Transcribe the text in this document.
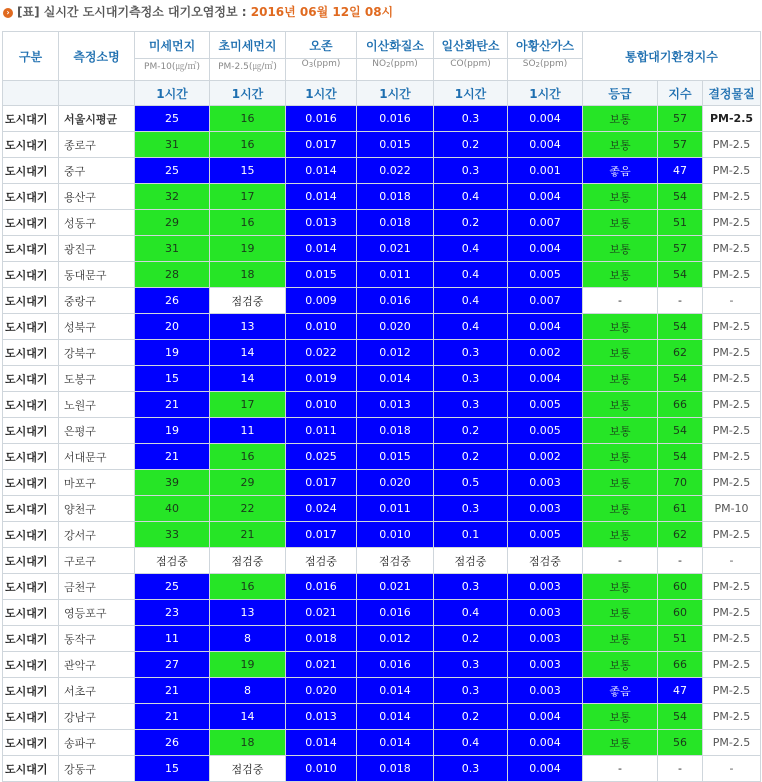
› [표] 실시간 도시대기측정소 대기오염정보 : 2016년 06월 12일 08시
구분	측정소명	미세먼지	초미세먼지	오존	이산화질소	일산화탄소	아황산가스	통합대기환경지수		
		PM-10(㎍/㎥)	PM-2.5(㎍/㎥)	O3(ppm)	NO2(ppm)	CO(ppm)	SO2(ppm)			
		1시간	1시간	1시간	1시간	1시간	1시간	등급	지수	결정물질
도시대기	서울시평균	25	16	0.016	0.016	0.3	0.004	보통	57	PM-2.5
도시대기	종로구	31	16	0.017	0.015	0.2	0.004	보통	57	PM-2.5
도시대기	중구	25	15	0.014	0.022	0.3	0.001	좋음	47	PM-2.5
도시대기	용산구	32	17	0.014	0.018	0.4	0.004	보통	54	PM-2.5
도시대기	성동구	29	16	0.013	0.018	0.2	0.007	보통	51	PM-2.5
도시대기	광진구	31	19	0.014	0.021	0.4	0.004	보통	57	PM-2.5
도시대기	동대문구	28	18	0.015	0.011	0.4	0.005	보통	54	PM-2.5
도시대기	중랑구	26	점검중	0.009	0.016	0.4	0.007	-	-	-
도시대기	성북구	20	13	0.010	0.020	0.4	0.004	보통	54	PM-2.5
도시대기	강북구	19	14	0.022	0.012	0.3	0.002	보통	62	PM-2.5
도시대기	도봉구	15	14	0.019	0.014	0.3	0.004	보통	54	PM-2.5
도시대기	노원구	21	17	0.010	0.013	0.3	0.005	보통	66	PM-2.5
도시대기	은평구	19	11	0.011	0.018	0.2	0.005	보통	54	PM-2.5
도시대기	서대문구	21	16	0.025	0.015	0.2	0.002	보통	54	PM-2.5
도시대기	마포구	39	29	0.017	0.020	0.5	0.003	보통	70	PM-2.5
도시대기	양천구	40	22	0.024	0.011	0.3	0.003	보통	61	PM-10
도시대기	강서구	33	21	0.017	0.010	0.1	0.005	보통	62	PM-2.5
도시대기	구로구	점검중	점검중	점검중	점검중	점검중	점검중	-	-	-
도시대기	금천구	25	16	0.016	0.021	0.3	0.003	보통	60	PM-2.5
도시대기	영등포구	23	13	0.021	0.016	0.4	0.003	보통	60	PM-2.5
도시대기	동작구	11	8	0.018	0.012	0.2	0.003	보통	51	PM-2.5
도시대기	관악구	27	19	0.021	0.016	0.3	0.003	보통	66	PM-2.5
도시대기	서초구	21	8	0.020	0.014	0.3	0.003	좋음	47	PM-2.5
도시대기	강남구	21	14	0.013	0.014	0.2	0.004	보통	54	PM-2.5
도시대기	송파구	26	18	0.014	0.014	0.4	0.004	보통	56	PM-2.5
도시대기	강동구	15	점검중	0.010	0.018	0.3	0.004	-	-	-
